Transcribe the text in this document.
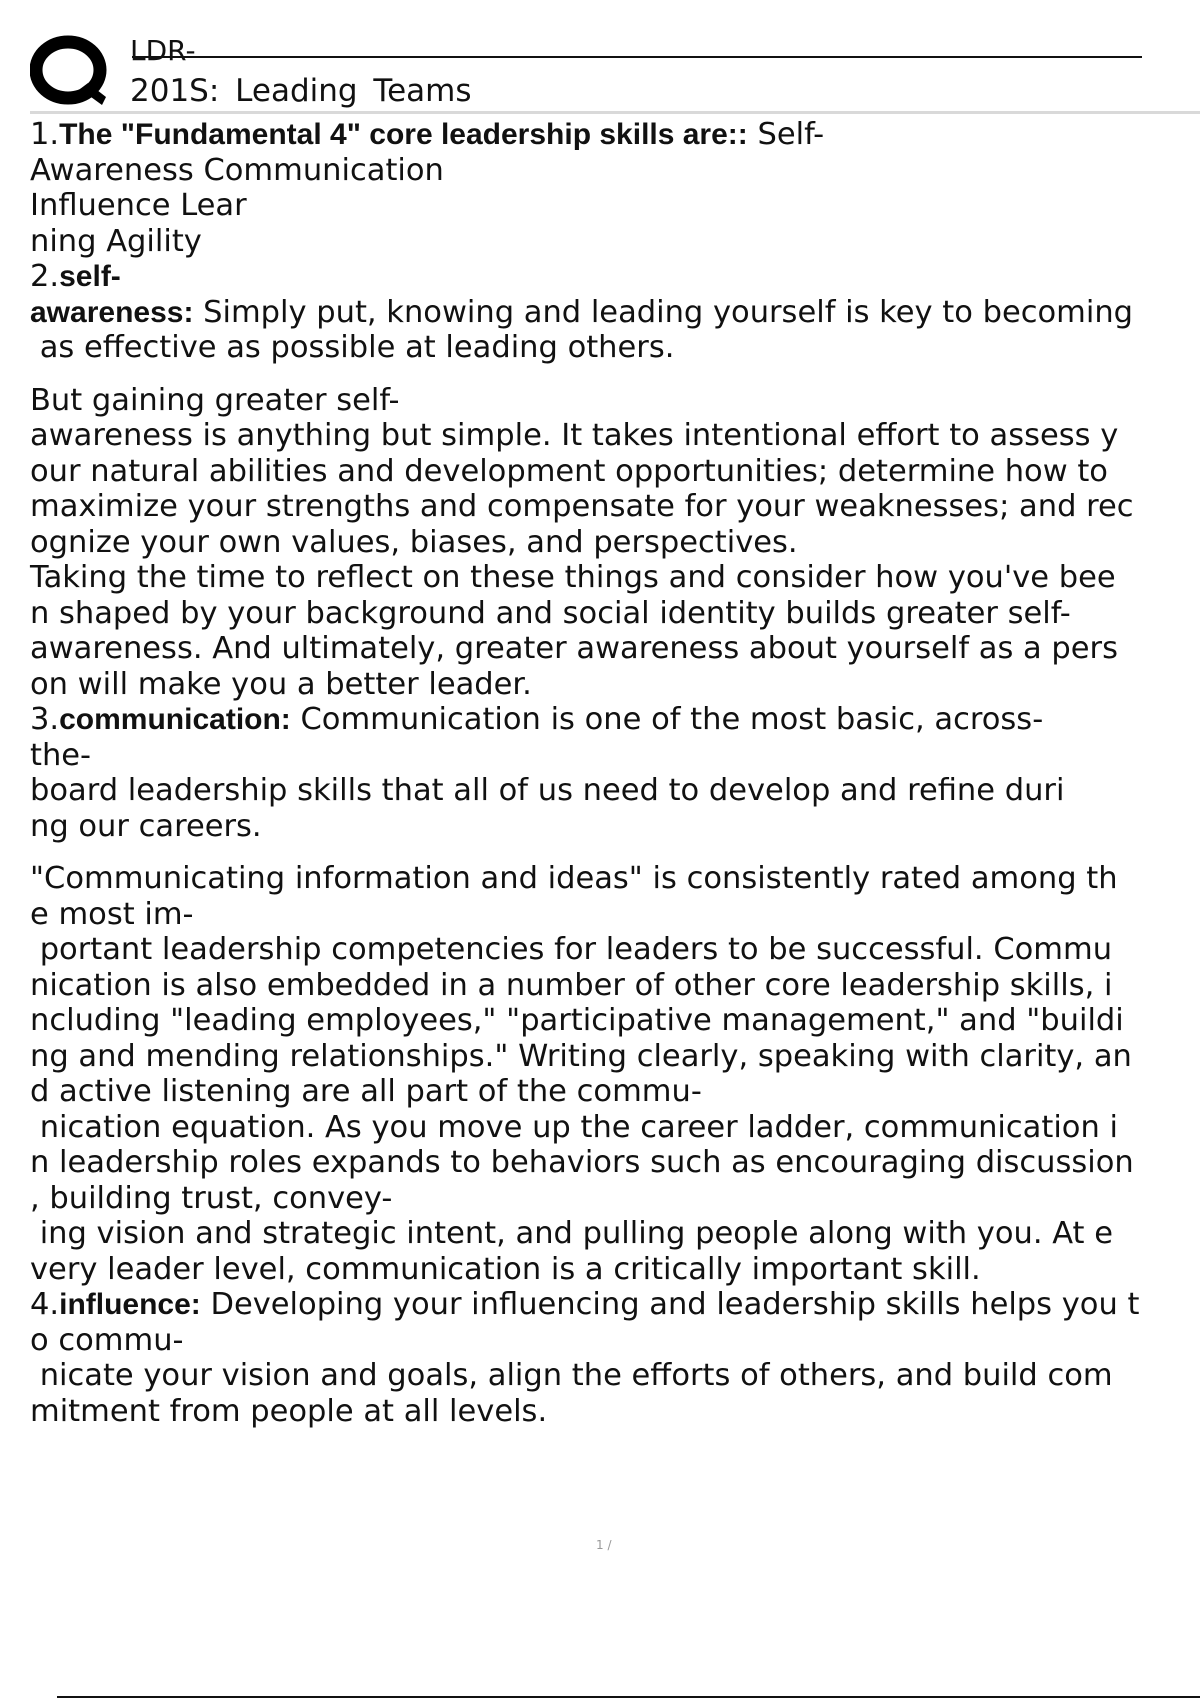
LDR-
201S: Leading Teams
1.The "Fundamental 4" core leadership skills are:: Self-
Awareness Communication
Influence Lear
ning Agility
2.self-
awareness: Simply put, knowing and leading yourself is key to becoming
as effective as possible at leading others.
But gaining greater self-
awareness is anything but simple. It takes intentional effort to assess y
our natural abilities and development opportunities; determine how to
maximize your strengths and compensate for your weaknesses; and rec
ognize your own values, biases, and perspectives.
Taking the time to reflect on these things and consider how you've bee
n shaped by your background and social identity builds greater self-
awareness. And ultimately, greater awareness about yourself as a pers
on will make you a better leader.
3.communication: Communication is one of the most basic, across-
the-
board leadership skills that all of us need to develop and refine duri
ng our careers.
"Communicating information and ideas" is consistently rated among th
e most im-
portant leadership competencies for leaders to be successful. Commu
nication is also embedded in a number of other core leadership skills, i
ncluding "leading employees," "participative management," and "buildi
ng and mending relationships." Writing clearly, speaking with clarity, an
d active listening are all part of the commu-
nication equation. As you move up the career ladder, communication i
n leadership roles expands to behaviors such as encouraging discussion
, building trust, convey-
ing vision and strategic intent, and pulling people along with you. At e
very leader level, communication is a critically important skill.
4.influence: Developing your influencing and leadership skills helps you t
o commu-
nicate your vision and goals, align the efforts of others, and build com
mitment from people at all levels.
1 /
